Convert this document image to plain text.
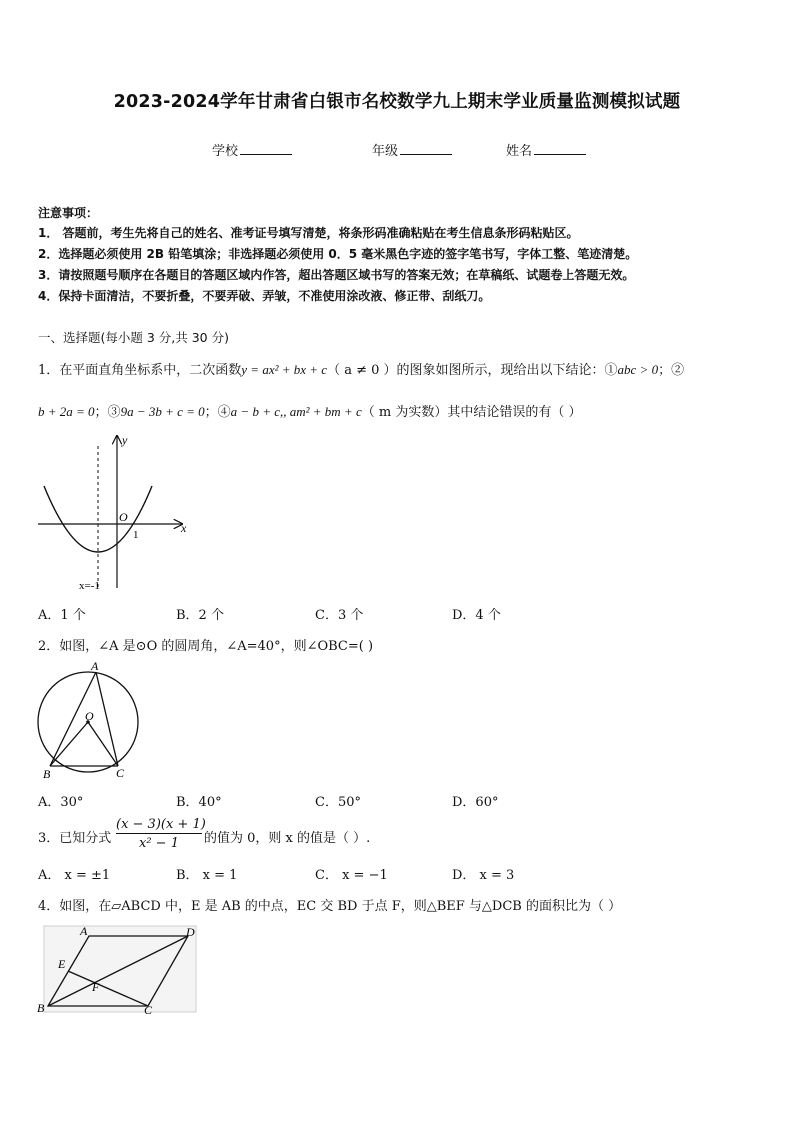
2023-2024学年甘肃省白银市名校数学九上期末学业质量监测模拟试题
学校	年级	姓名
注意事项：
1． 答题前，考生先将自己的姓名、准考证号填写清楚，将条形码准确粘贴在考生信息条形码粘贴区。
2．选择题必须使用 2B 铅笔填涂；非选择题必须使用 0．5 毫米黑色字迹的签字笔书写，字体工整、笔迹清楚。
3．请按照题号顺序在各题目的答题区域内作答，超出答题区域书写的答案无效；在草稿纸、试题卷上答题无效。
4．保持卡面清洁，不要折叠，不要弄破、弄皱，不准使用涂改液、修正带、刮纸刀。
一、选择题(每小题 3 分,共 30 分)
1．在平面直角坐标系中，二次函数y = ax² + bx + c（ a ≠ 0 ）的图象如图所示，现给出以下结论：①abc > 0；②
b + 2a = 0；③9a − 3b + c = 0；④a − b + c,, am² + bm + c（ m 为实数）其中结论错误的有（ ）
y
x
O
1
x=-1
A．1 个	B．2 个	C．3 个	D．4 个
2．如图，∠A 是⊙O 的圆周角，∠A=40°，则∠OBC=( )
A
O
B	C
A．30°	B．40°	C．50°	D．60°
3．已知分式 $\frac{(x - 3)(x + 1)}{\text{x² − 1}}$ 的值为 0，则 x 的值是（ ）.
A． x = ±1	B． x = 1	C． x = −1	D． x = 3
4．如图，在▱ABCD 中，E 是 AB 的中点，EC 交 BD 于点 F，则△BEF 与△DCB 的面积比为（ ）
A	D
E
F
B	C
